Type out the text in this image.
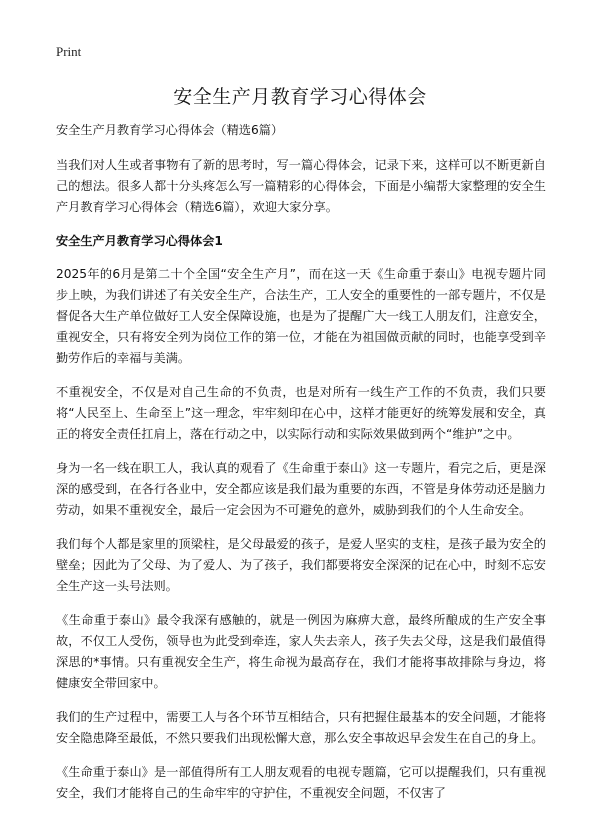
Print
安全生产月教育学习心得体会

安全生产月教育学习心得体会（精选6篇）

当我们对人生或者事物有了新的思考时，写一篇心得体会，记录下来，这样可以不断更新自己的想法。很多人都十分头疼怎么写一篇精彩的心得体会，下面是小编帮大家整理的安全生产月教育学习心得体会（精选6篇），欢迎大家分享。

安全生产月教育学习心得体会1

2025年的6月是第二十个全国“安全生产月”，而在这一天《生命重于泰山》电视专题片同步上映，为我们讲述了有关安全生产，合法生产，工人安全的重要性的一部专题片，不仅是督促各大生产单位做好工人安全保障设施，也是为了提醒广大一线工人朋友们，注意安全，重视安全，只有将安全列为岗位工作的第一位，才能在为祖国做贡献的同时，也能享受到辛勤劳作后的幸福与美满。

不重视安全，不仅是对自己生命的不负责，也是对所有一线生产工作的不负责，我们只要将“人民至上、生命至上”这一理念，牢牢刻印在心中，这样才能更好的统筹发展和安全，真正的将安全责任扛肩上，落在行动之中，以实际行动和实际效果做到两个“维护”之中。

身为一名一线在职工人，我认真的观看了《生命重于泰山》这一专题片，看完之后，更是深深的感受到，在各行各业中，安全都应该是我们最为重要的东西，不管是身体劳动还是脑力劳动，如果不重视安全，最后一定会因为不可避免的意外，威胁到我们的个人生命安全。

我们每个人都是家里的顶梁柱，是父母最爱的孩子，是爱人坚实的支柱，是孩子最为安全的壁垒；因此为了父母、为了爱人、为了孩子，我们都要将安全深深的记在心中，时刻不忘安全生产这一头号法则。

《生命重于泰山》最令我深有感触的，就是一例因为麻痹大意，最终所酿成的生产安全事故，不仅工人受伤，领导也为此受到牵连，家人失去亲人，孩子失去父母，这是我们最值得深思的*事情。只有重视安全生产，将生命视为最高存在，我们才能将事故排除与身边，将健康安全带回家中。

我们的生产过程中，需要工人与各个环节互相结合，只有把握住最基本的安全问题，才能将安全隐患降至最低，不然只要我们出现松懈大意，那么安全事故迟早会发生在自己的身上。

《生命重于泰山》是一部值得所有工人朋友观看的电视专题篇，它可以提醒我们，只有重视安全，我们才能将自己的生命牢牢的守护住，不重视安全问题，不仅害了
